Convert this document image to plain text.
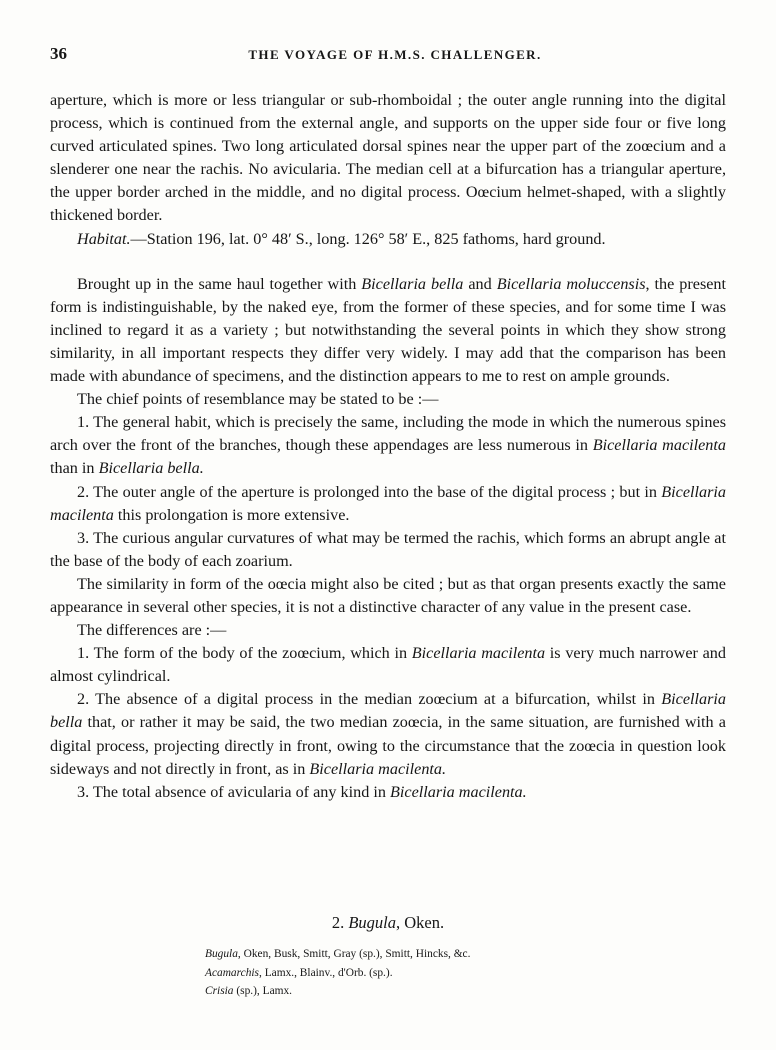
36	THE VOYAGE OF H.M.S. CHALLENGER.

aperture, which is more or less triangular or sub-rhomboidal ; the outer angle running into the digital process, which is continued from the external angle, and supports on the upper side four or five long curved articulated spines. Two long articulated dorsal spines near the upper part of the zoœcium and a slenderer one near the rachis. No avicularia. The median cell at a bifurcation has a triangular aperture, the upper border arched in the middle, and no digital process. Oœcium helmet-shaped, with a slightly thickened border.

Habitat.—Station 196, lat. 0° 48′ S., long. 126° 58′ E., 825 fathoms, hard ground.

Brought up in the same haul together with Bicellaria bella and Bicellaria moluccensis, the present form is indistinguishable, by the naked eye, from the former of these species, and for some time I was inclined to regard it as a variety ; but notwithstanding the several points in which they show strong similarity, in all important respects they differ very widely. I may add that the comparison has been made with abundance of specimens, and the distinction appears to me to rest on ample grounds.

The chief points of resemblance may be stated to be :—

1. The general habit, which is precisely the same, including the mode in which the numerous spines arch over the front of the branches, though these appendages are less numerous in Bicellaria macilenta than in Bicellaria bella.

2. The outer angle of the aperture is prolonged into the base of the digital process ; but in Bicellaria macilenta this prolongation is more extensive.

3. The curious angular curvatures of what may be termed the rachis, which forms an abrupt angle at the base of the body of each zoarium.

The similarity in form of the oœcia might also be cited ; but as that organ presents exactly the same appearance in several other species, it is not a distinctive character of any value in the present case.

The differences are :—

1. The form of the body of the zoœcium, which in Bicellaria macilenta is very much narrower and almost cylindrical.

2. The absence of a digital process in the median zoœcium at a bifurcation, whilst in Bicellaria bella that, or rather it may be said, the two median zoœcia, in the same situation, are furnished with a digital process, projecting directly in front, owing to the circumstance that the zoœcia in question look sideways and not directly in front, as in Bicellaria macilenta.

3. The total absence of avicularia of any kind in Bicellaria macilenta.

2. Bugula, Oken.
Bugula, Oken, Busk, Smitt, Gray (sp.), Smitt, Hincks, &c.
Acamarchis, Lamx., Blainv., d'Orb. (sp.).
Crisia (sp.), Lamx.
